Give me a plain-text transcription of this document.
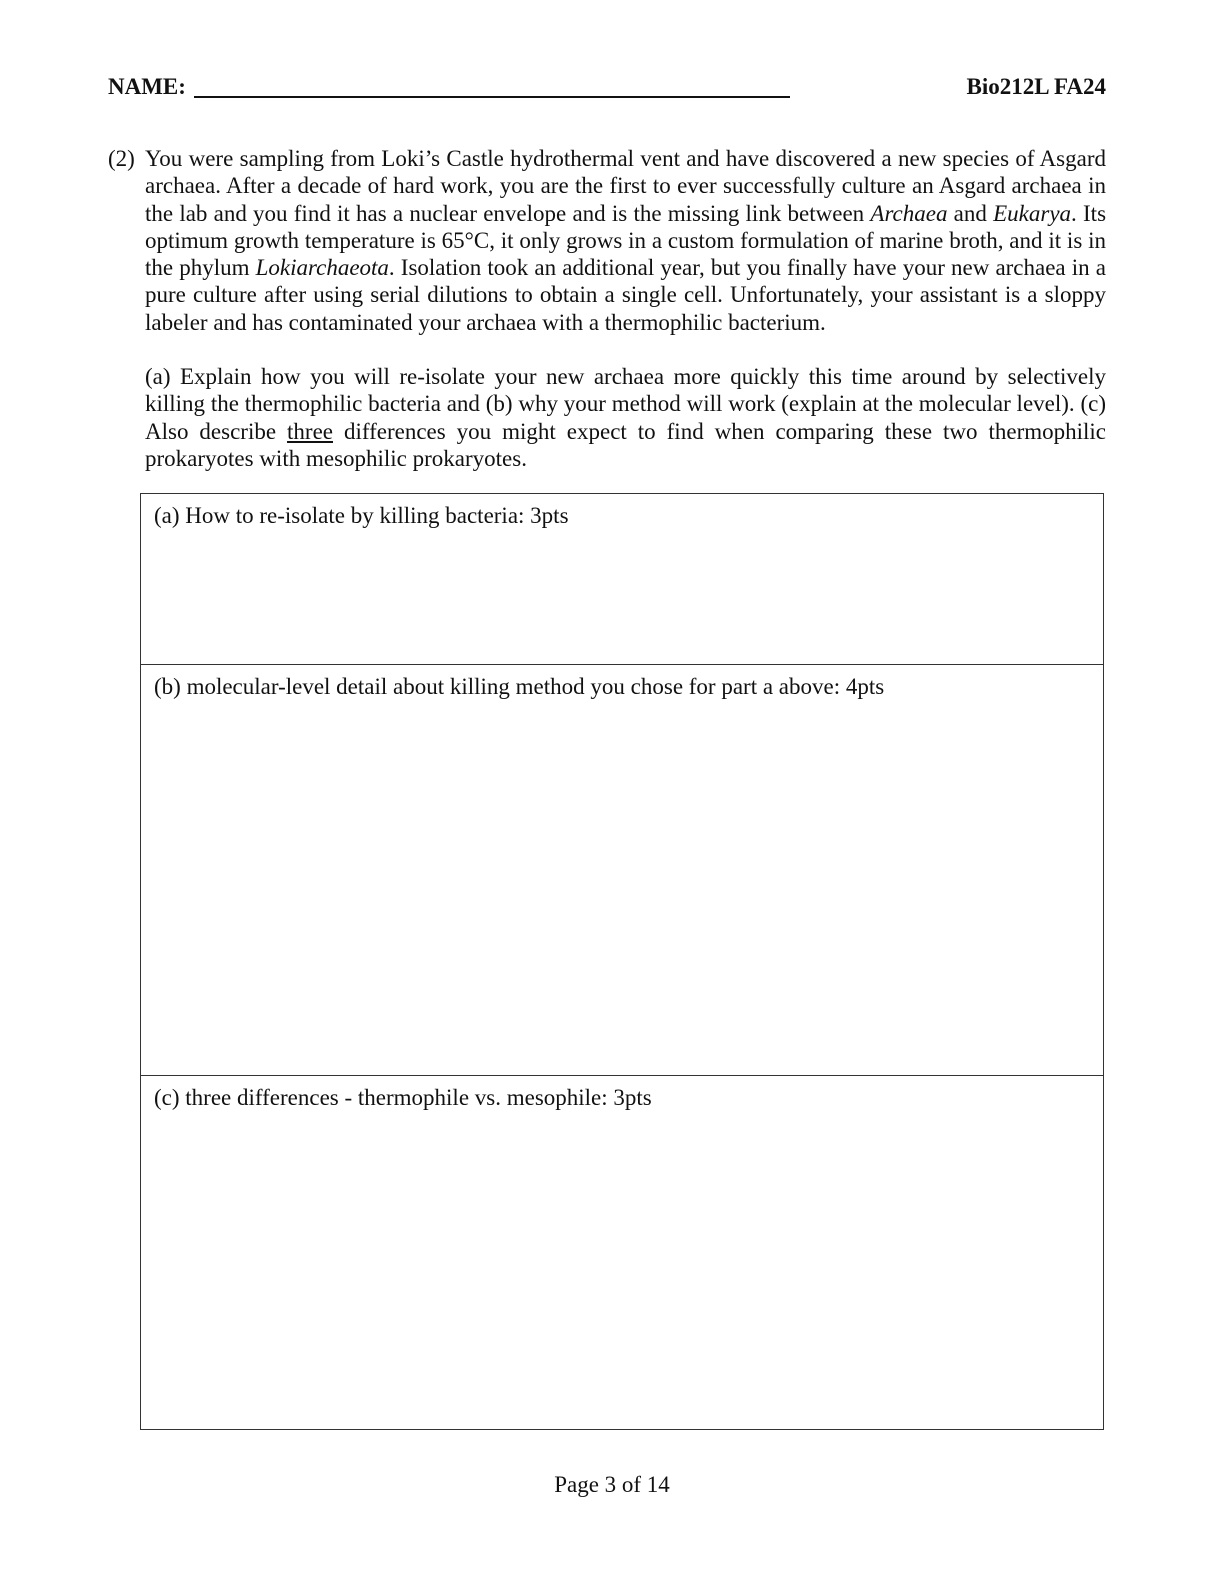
NAME:	Bio212L FA24
(2) You were sampling from Loki’s Castle hydrothermal vent and have discovered a new species of Asgard archaea. After a decade of hard work, you are the first to ever successfully culture an Asgard archaea in the lab and you find it has a nuclear envelope and is the missing link between Archaea and Eukarya. Its optimum growth temperature is 65°C, it only grows in a custom formulation of marine broth, and it is in the phylum Lokiarchaeota. Isolation took an additional year, but you finally have your new archaea in a pure culture after using serial dilutions to obtain a single cell. Unfortunately, your assistant is a sloppy labeler and has contaminated your archaea with a thermophilic bacterium.
(a) Explain how you will re-isolate your new archaea more quickly this time around by selectively killing the thermophilic bacteria and (b) why your method will work (explain at the molecular level). (c) Also describe three differences you might expect to find when comparing these two thermophilic prokaryotes with mesophilic prokaryotes.
(a) How to re-isolate by killing bacteria: 3pts
(b) molecular-level detail about killing method you chose for part a above: 4pts
(c) three differences - thermophile vs. mesophile: 3pts
Page 3 of 14
